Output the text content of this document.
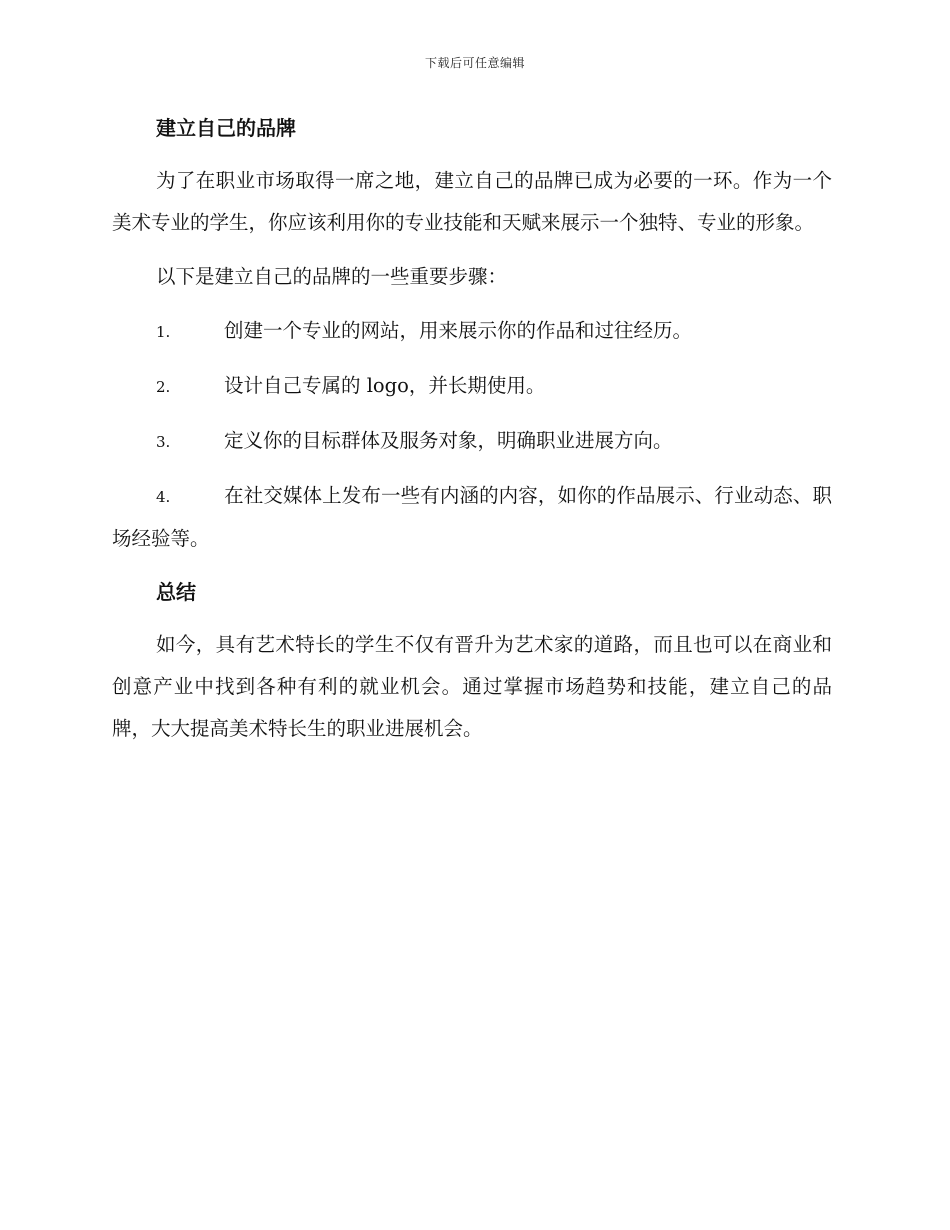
下载后可任意编辑
建立自己的品牌

为了在职业市场取得一席之地，建立自己的品牌已成为必要的一环。作为一个美术专业的学生，你应该利用你的专业技能和天赋来展示一个独特、专业的形象。

以下是建立自己的品牌的一些重要步骤：

1.	创建一个专业的网站，用来展示你的作品和过往经历。
2.	设计自己专属的 logo，并长期使用。
3.	定义你的目标群体及服务对象，明确职业进展方向。
4.	在社交媒体上发布一些有内涵的内容，如你的作品展示、行业动态、职场经验等。
总结

如今，具有艺术特长的学生不仅有晋升为艺术家的道路，而且也可以在商业和创意产业中找到各种有利的就业机会。通过掌握市场趋势和技能，建立自己的品牌，大大提高美术特长生的职业进展机会。
